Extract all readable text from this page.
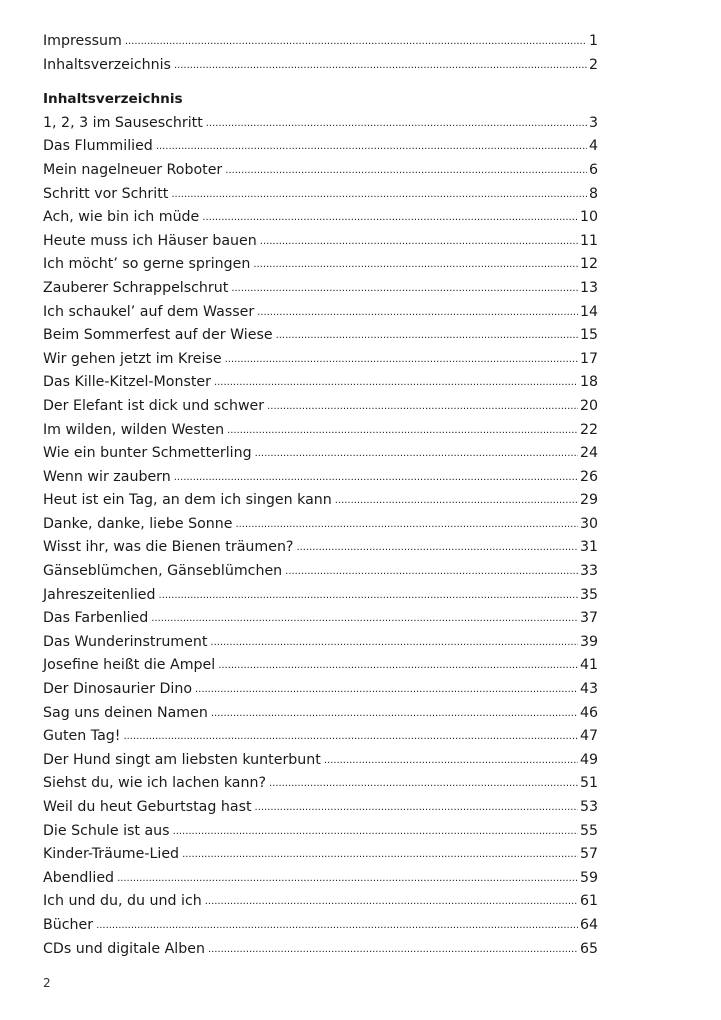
Impressum . . .	1
Inhaltsverzeichnis . . .	2
Inhaltsverzeichnis
1, 2, 3 im Sauseschritt . . .	3
Das Flummilied . . .	4
Mein nagelneuer Roboter . . .	6
Schritt vor Schritt . . .	8
Ach, wie bin ich müde . . .	10
Heute muss ich Häuser bauen . . .	11
Ich möcht’ so gerne springen . . .	12
Zauberer Schrappelschrut . . .	13
Ich schaukel’ auf dem Wasser . . .	14
Beim Sommerfest auf der Wiese . . .	15
Wir gehen jetzt im Kreise . . .	17
Das Kille-Kitzel-Monster . . .	18
Der Elefant ist dick und schwer . . .	20
Im wilden, wilden Westen . . .	22
Wie ein bunter Schmetterling . . .	24
Wenn wir zaubern . . .	26
Heut ist ein Tag, an dem ich singen kann . . .	29
Danke, danke, liebe Sonne . . .	30
Wisst ihr, was die Bienen träumen? . . .	31
Gänseblümchen, Gänseblümchen . . .	33
Jahreszeitenlied . . .	35
Das Farbenlied . . .	37
Das Wunderinstrument . . .	39
Josefine heißt die Ampel . . .	41
Der Dinosaurier Dino . . .	43
Sag uns deinen Namen . . .	46
Guten Tag! . . .	47
Der Hund singt am liebsten kunterbunt . . .	49
Siehst du, wie ich lachen kann? . . .	51
Weil du heut Geburtstag hast . . .	53
Die Schule ist aus . . .	55
Kinder-Träume-Lied . . .	57
Abendlied . . .	59
Ich und du, du und ich . . .	61
Bücher . . .	64
CDs und digitale Alben . . .	65
2
